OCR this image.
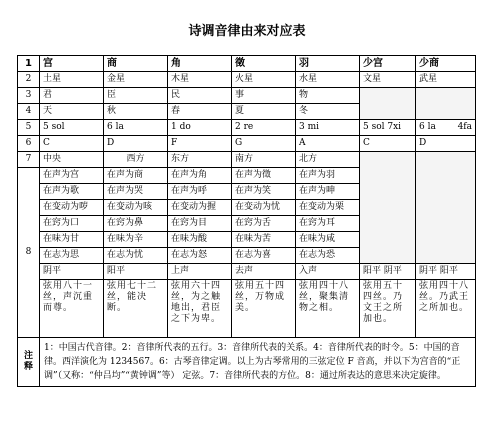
诗调音律由来对应表
1	宫	商	角	徵	羽	少宫	少商
2	土星	金星	木星	火星	水星	文星	武星
3	君	臣	民	事	物		
4	天	秋	春	夏	冬		
5	5 sol	6 la	1 do	2 re	3 mi	5 sol 7xi	6 la 4fa

6	C	D	F	G	A	C	D
7	中央	西方	东方	南方	北方		
8	在声为宫	在声为商	在声为角	在声为徵	在声为羽		
	在声为歌	在声为哭	在声为呼	在声为笑	在声为呻		
	在变动为哕	在变动为咳	在变动为握	在变动为忧	在变动为栗		
	在窍为口	在窍为鼻	在窍为目	在窍为舌	在窍为耳		
	在味为甘	在味为辛	在味为酸	在味为苦	在味为咸		
	在志为思	在志为忧	在志为怒	在志为喜	在志为恐		
	阴平	阳平	上声	去声	入声	阳平 阴平	阴平 阳平
	弦用八十一丝，声沉重而尊。	弦用七十二丝，能决断。	弦用六十四丝，为之触地出，君臣之下为卑。	弦用五十四丝，万物成美。	弦用四十八丝，聚集清物之相。	弦用五十四丝。乃文王之所加也。	弦用四十八丝。乃武王之所加也。
注释	1：中国古代音律。2：音律所代表的五行。3：音律所代表的关系。4：音律所代表的时令。5：中国的音律。西洋演化为 1234567。6：古琴音律定调。以上为古琴常用的三弦定位 F 音高，并以下为宫音的“正调”（又称：“仲吕均”“黄钟调”等） 定弦。7：音律所代表的方位。8：通过所表达的意思来决定旋律。						
